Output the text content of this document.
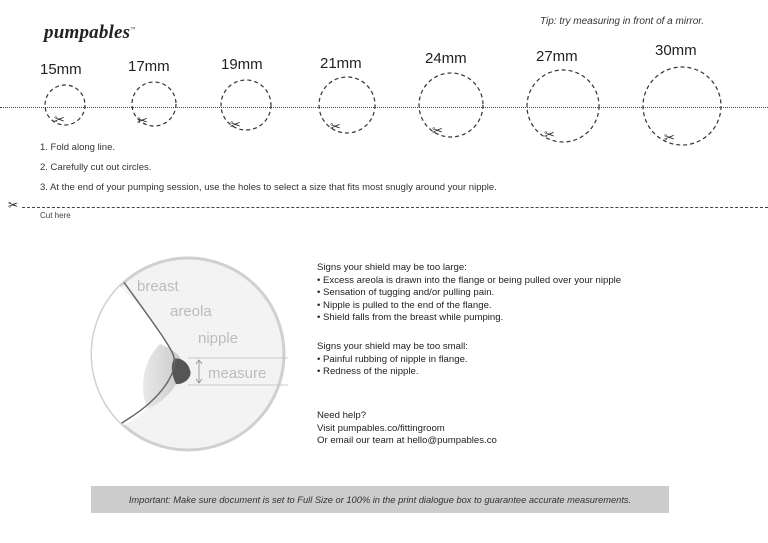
pumpables™
Tip: try measuring in front of a mirror.
15mm	17mm	19mm	21mm	24mm	27mm	30mm
✂	✂	✂	✂	✂	✂	✂
1. Fold along line.
2. Carefully cut out circles.
3. At the end of your pumping session, use the holes to select a size that fits most snugly around your nipple.
✂
Cut here
breast
areola
nipple
measure
Signs your shield may be too large:
• Excess areola is drawn into the flange or being pulled over your nipple
• Sensation of tugging and/or pulling pain.
• Nipple is pulled to the end of the flange.
• Shield falls from the breast while pumping.
Signs your shield may be too small:
• Painful rubbing of nipple in flange.
• Redness of the nipple.
Need help?
Visit pumpables.co/fittingroom
Or email our team at hello@pumpables.co
Important: Make sure document is set to Full Size or 100% in the print dialogue box to guarantee accurate measurements.
